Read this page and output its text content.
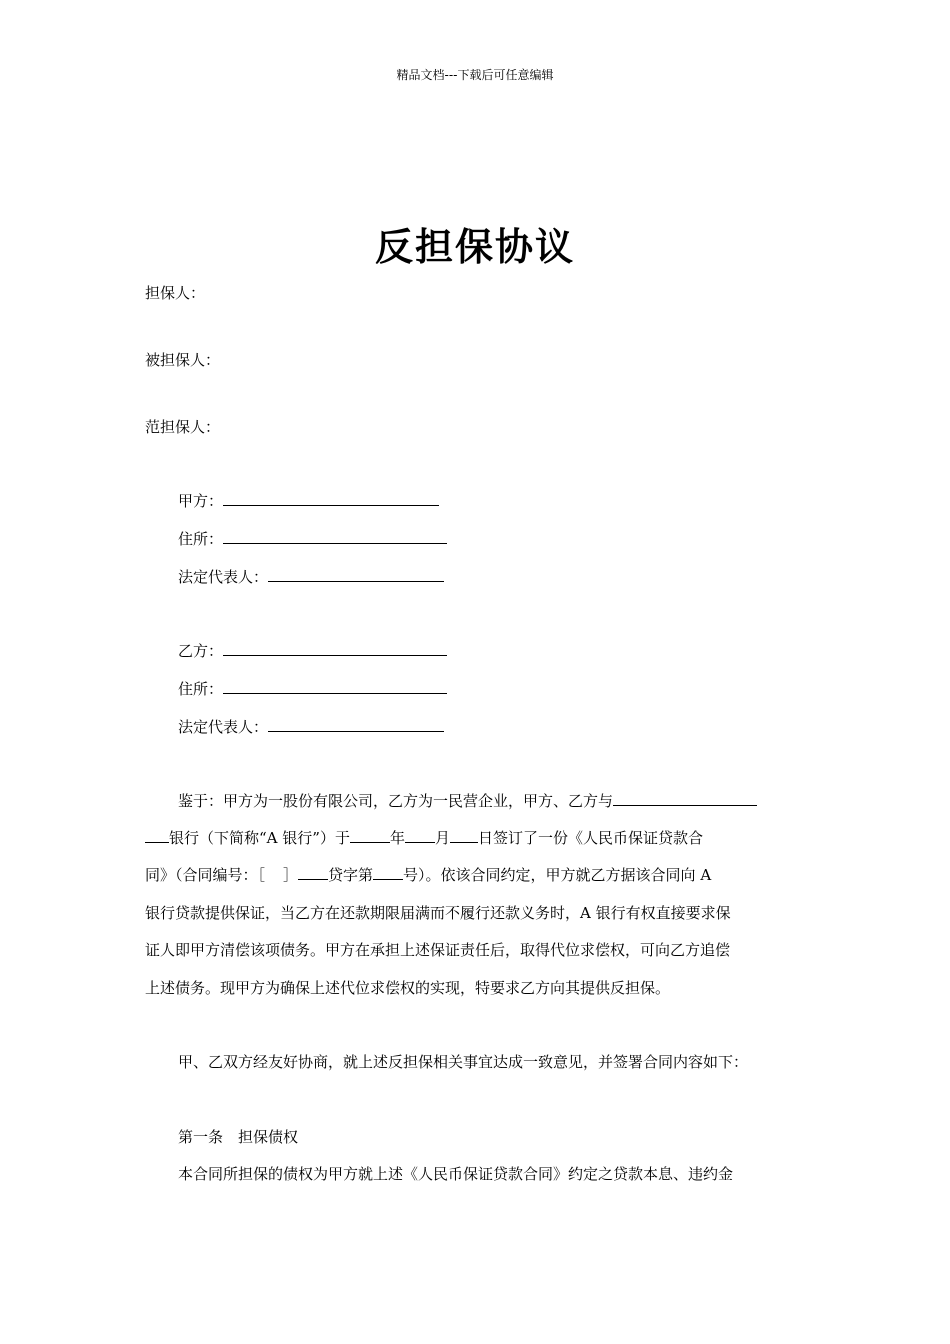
精品文档---下载后可任意编辑
反担保协议
担保人：
被担保人：
范担保人：
甲方：
住所：
法定代表人：
乙方：
住所：
法定代表人：
鉴于：甲方为一股份有限公司，乙方为一民营企业，甲方、乙方与
银行（下简称“A 银行”）于	年 月 日签订了一份《人民币保证贷款合
同》（合同编号：［ ］ 贷字第 号）。依该合同约定，甲方就乙方据该合同向 A
银行贷款提供保证，当乙方在还款期限届满而不履行还款义务时，A 银行有权直接要求保
证人即甲方清偿该项债务。甲方在承担上述保证责任后，取得代位求偿权，可向乙方追偿
上述债务。现甲方为确保上述代位求偿权的实现，特要求乙方向其提供反担保。
甲、乙双方经友好协商，就上述反担保相关事宜达成一致意见，并签署合同内容如下：
第一条　担保债权
本合同所担保的债权为甲方就上述《人民币保证贷款合同》约定之贷款本息、违约金
